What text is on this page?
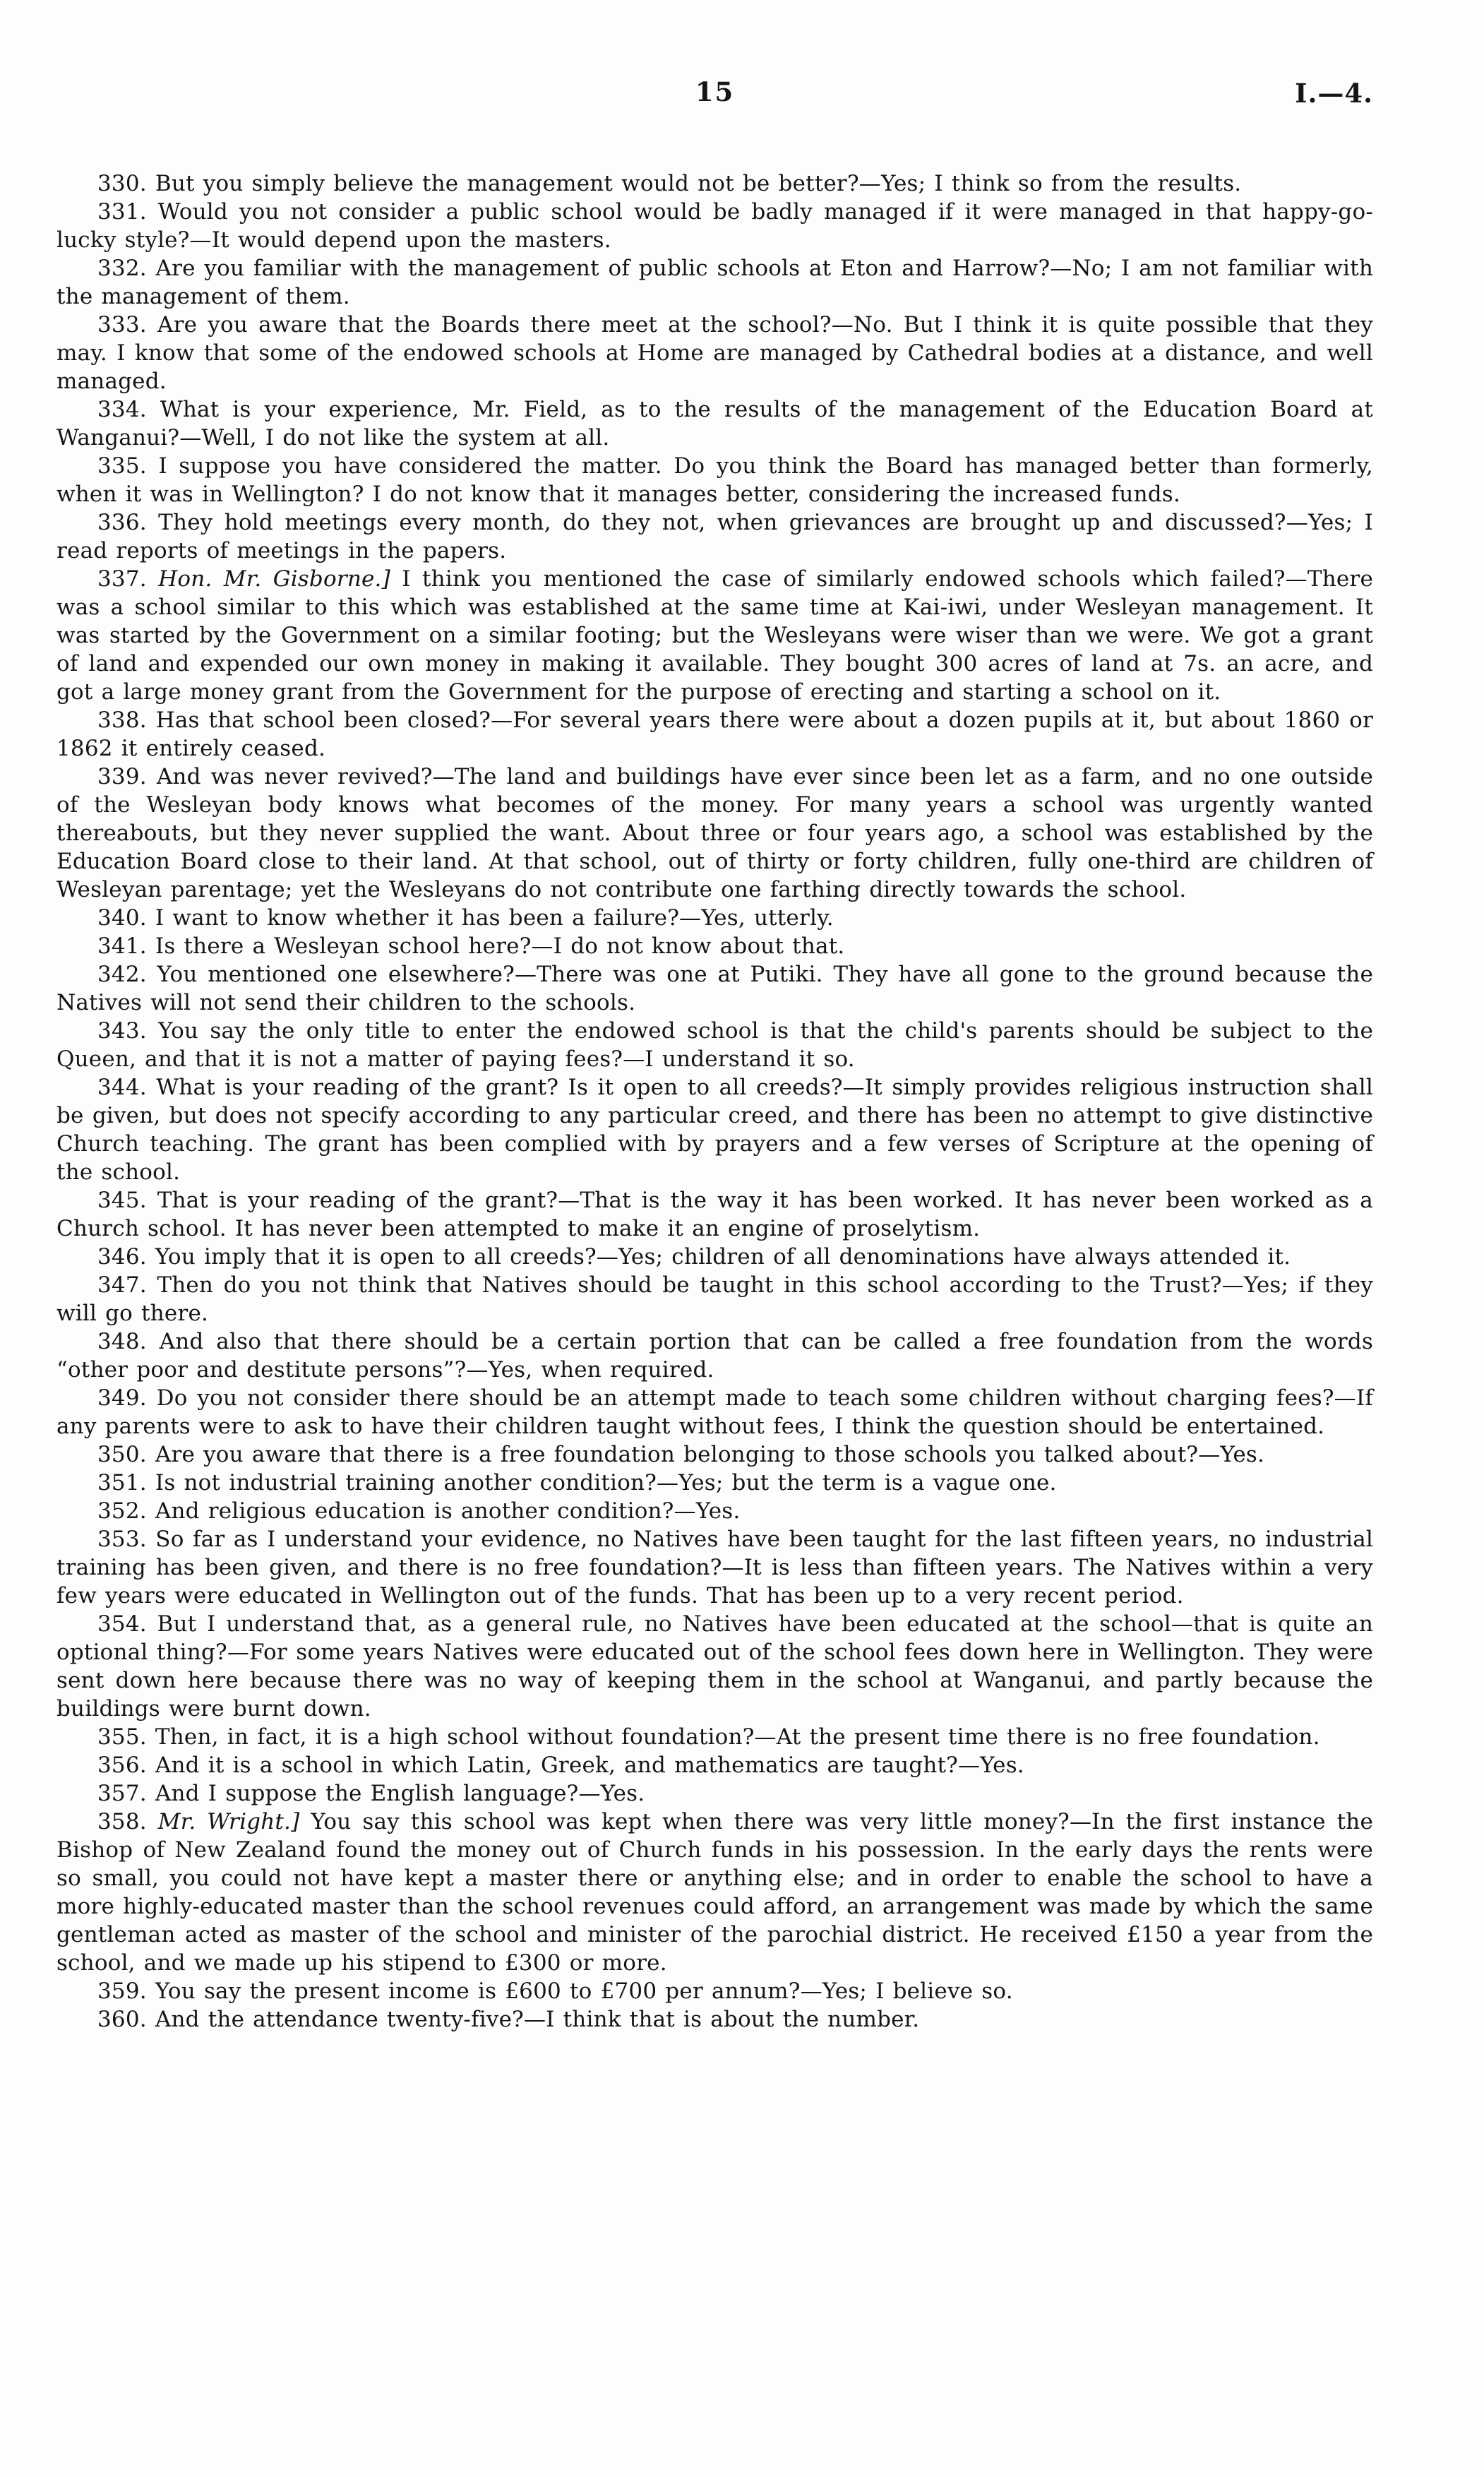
15	I.—4.

330. But you simply believe the management would not be better?—Yes; I think so from the results.

331. Would you not consider a public school would be badly managed if it were managed in that happy-go-lucky style?—It would depend upon the masters.

332. Are you familiar with the management of public schools at Eton and Harrow?—No; I am not familiar with the management of them.

333. Are you aware that the Boards there meet at the school?—No. But I think it is quite possible that they may. I know that some of the endowed schools at Home are managed by Cathedral bodies at a distance, and well managed.

334. What is your experience, Mr. Field, as to the results of the management of the Education Board at Wanganui?—Well, I do not like the system at all.

335. I suppose you have considered the matter. Do you think the Board has managed better than formerly, when it was in Wellington? I do not know that it manages better, considering the increased funds.

336. They hold meetings every month, do they not, when grievances are brought up and discussed?—Yes; I read reports of meetings in the papers.

337. Hon. Mr. Gisborne.] I think you mentioned the case of similarly endowed schools which failed?—There was a school similar to this which was established at the same time at Kai-iwi, under Wesleyan management. It was started by the Government on a similar footing; but the Wesleyans were wiser than we were. We got a grant of land and expended our own money in making it available. They bought 300 acres of land at 7s. an acre, and got a large money grant from the Government for the purpose of erecting and starting a school on it.

338. Has that school been closed?—For several years there were about a dozen pupils at it, but about 1860 or 1862 it entirely ceased.

339. And was never revived?—The land and buildings have ever since been let as a farm, and no one outside of the Wesleyan body knows what becomes of the money. For many years a school was urgently wanted thereabouts, but they never supplied the want. About three or four years ago, a school was established by the Education Board close to their land. At that school, out of thirty or forty children, fully one-third are children of Wesleyan parentage; yet the Wesleyans do not contribute one farthing directly towards the school.

340. I want to know whether it has been a failure?—Yes, utterly.

341. Is there a Wesleyan school here?—I do not know about that.

342. You mentioned one elsewhere?—There was one at Putiki. They have all gone to the ground because the Natives will not send their children to the schools.

343. You say the only title to enter the endowed school is that the child's parents should be subject to the Queen, and that it is not a matter of paying fees?—I understand it so.

344. What is your reading of the grant? Is it open to all creeds?—It simply provides religious instruction shall be given, but does not specify according to any particular creed, and there has been no attempt to give distinctive Church teaching. The grant has been complied with by prayers and a few verses of Scripture at the opening of the school.

345. That is your reading of the grant?—That is the way it has been worked. It has never been worked as a Church school. It has never been attempted to make it an engine of proselytism.

346. You imply that it is open to all creeds?—Yes; children of all denominations have always attended it.

347. Then do you not think that Natives should be taught in this school according to the Trust?—Yes; if they will go there.

348. And also that there should be a certain portion that can be called a free foundation from the words “other poor and destitute persons”?—Yes, when required.

349. Do you not consider there should be an attempt made to teach some children without charging fees?—If any parents were to ask to have their children taught without fees, I think the question should be entertained.

350. Are you aware that there is a free foundation belonging to those schools you talked about?—Yes.

351. Is not industrial training another condition?—Yes; but the term is a vague one.

352. And religious education is another condition?—Yes.

353. So far as I understand your evidence, no Natives have been taught for the last fifteen years, no industrial training has been given, and there is no free foundation?—It is less than fifteen years. The Natives within a very few years were educated in Wellington out of the funds. That has been up to a very recent period.

354. But I understand that, as a general rule, no Natives have been educated at the school—that is quite an optional thing?—For some years Natives were educated out of the school fees down here in Wellington. They were sent down here because there was no way of keeping them in the school at Wanganui, and partly because the buildings were burnt down.

355. Then, in fact, it is a high school without foundation?—At the present time there is no free foundation.

356. And it is a school in which Latin, Greek, and mathematics are taught?—Yes.

357. And I suppose the English language?—Yes.

358. Mr. Wright.] You say this school was kept when there was very little money?—In the first instance the Bishop of New Zealand found the money out of Church funds in his possession. In the early days the rents were so small, you could not have kept a master there or anything else; and in order to enable the school to have a more highly-educated master than the school revenues could afford, an arrangement was made by which the same gentleman acted as master of the school and minister of the parochial district. He received £150 a year from the school, and we made up his stipend to £300 or more.

359. You say the present income is £600 to £700 per annum?—Yes; I believe so.

360. And the attendance twenty-five?—I think that is about the number.
